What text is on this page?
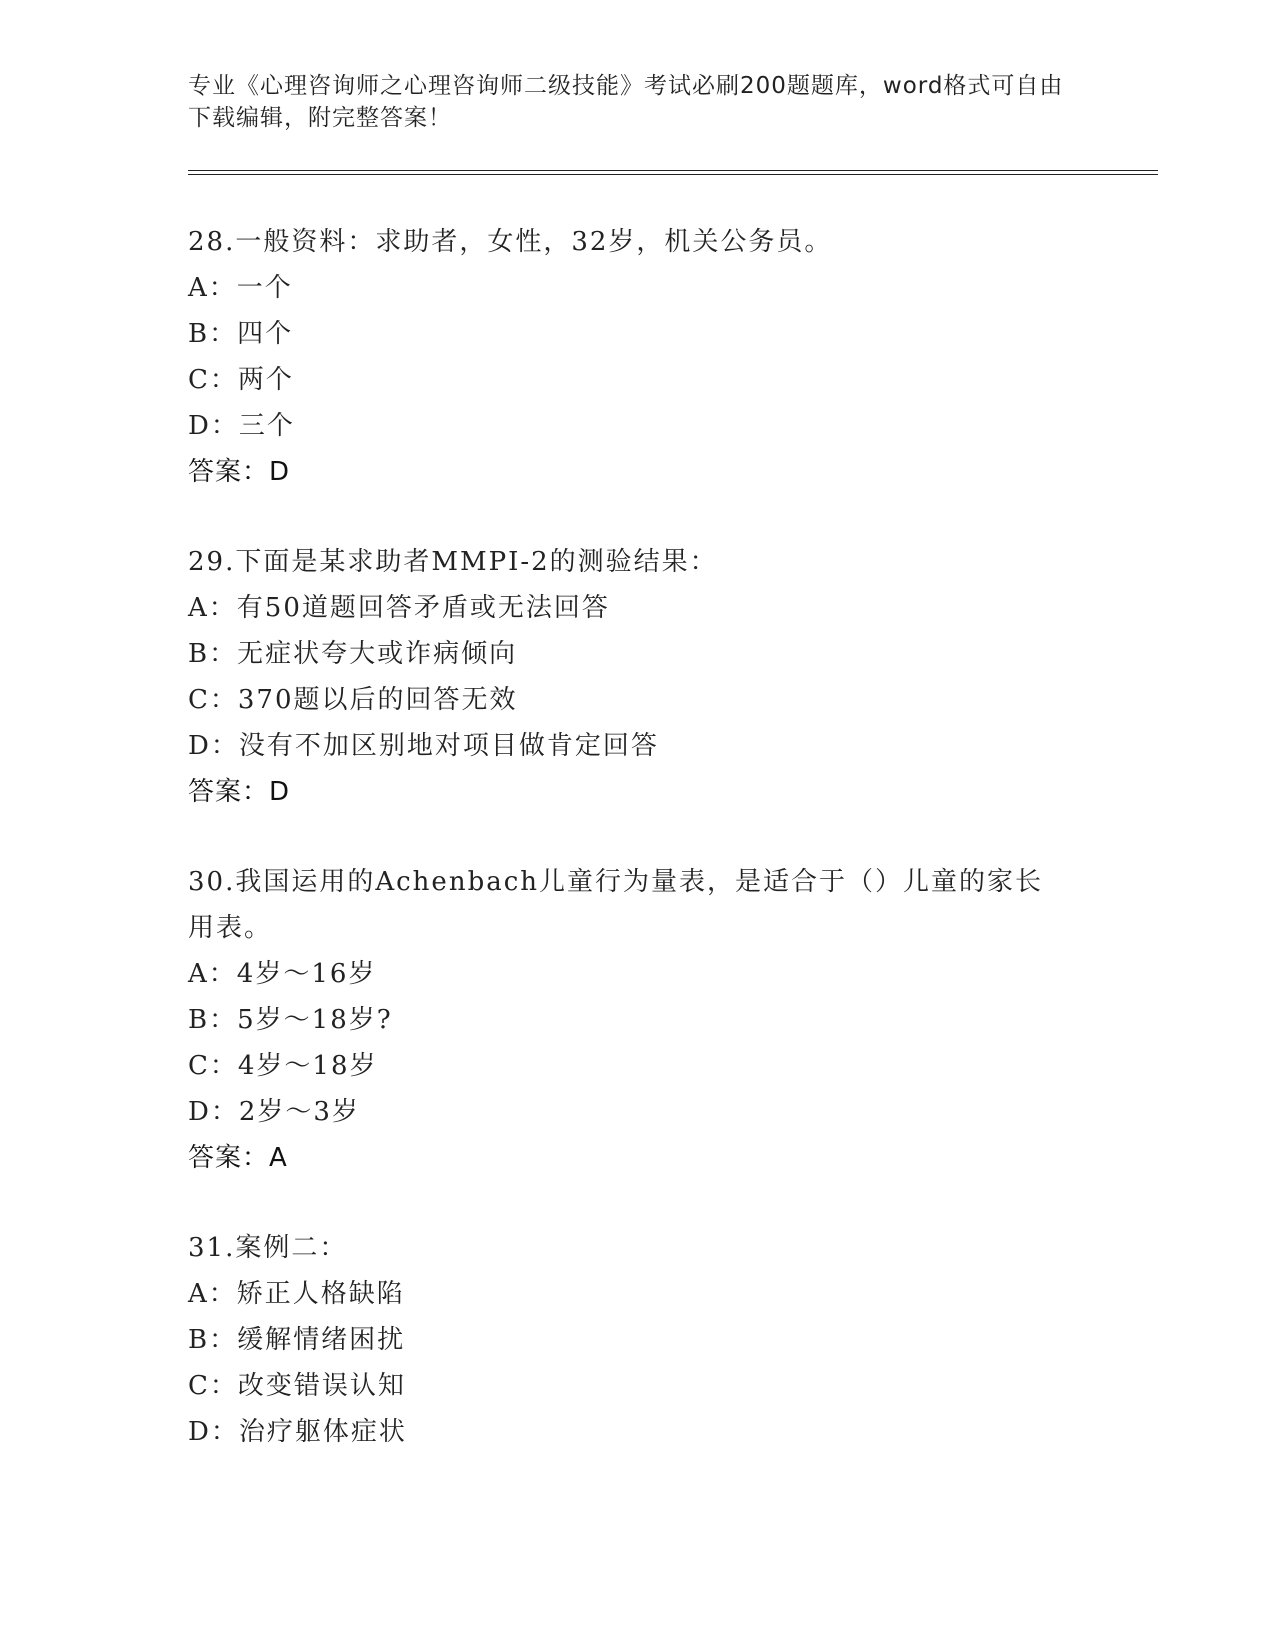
专业《心理咨询师之心理咨询师二级技能》考试必刷200题题库，word格式可自由下载编辑，附完整答案！
28.一般资料：求助者，女性，32岁，机关公务员。
A：一个
B：四个
C：两个
D：三个
答案：D
29.下面是某求助者MMPI-2的测验结果：
A：有50道题回答矛盾或无法回答
B：无症状夸大或诈病倾向
C：370题以后的回答无效
D：没有不加区别地对项目做肯定回答
答案：D
30.我国运用的Achenbach儿童行为量表，是适合于（）儿童的家长用表。
A：4岁～16岁
B：5岁～18岁?
C：4岁～18岁
D：2岁～3岁
答案：A
31.案例二：
A：矫正人格缺陷
B：缓解情绪困扰
C：改变错误认知
D：治疗躯体症状
